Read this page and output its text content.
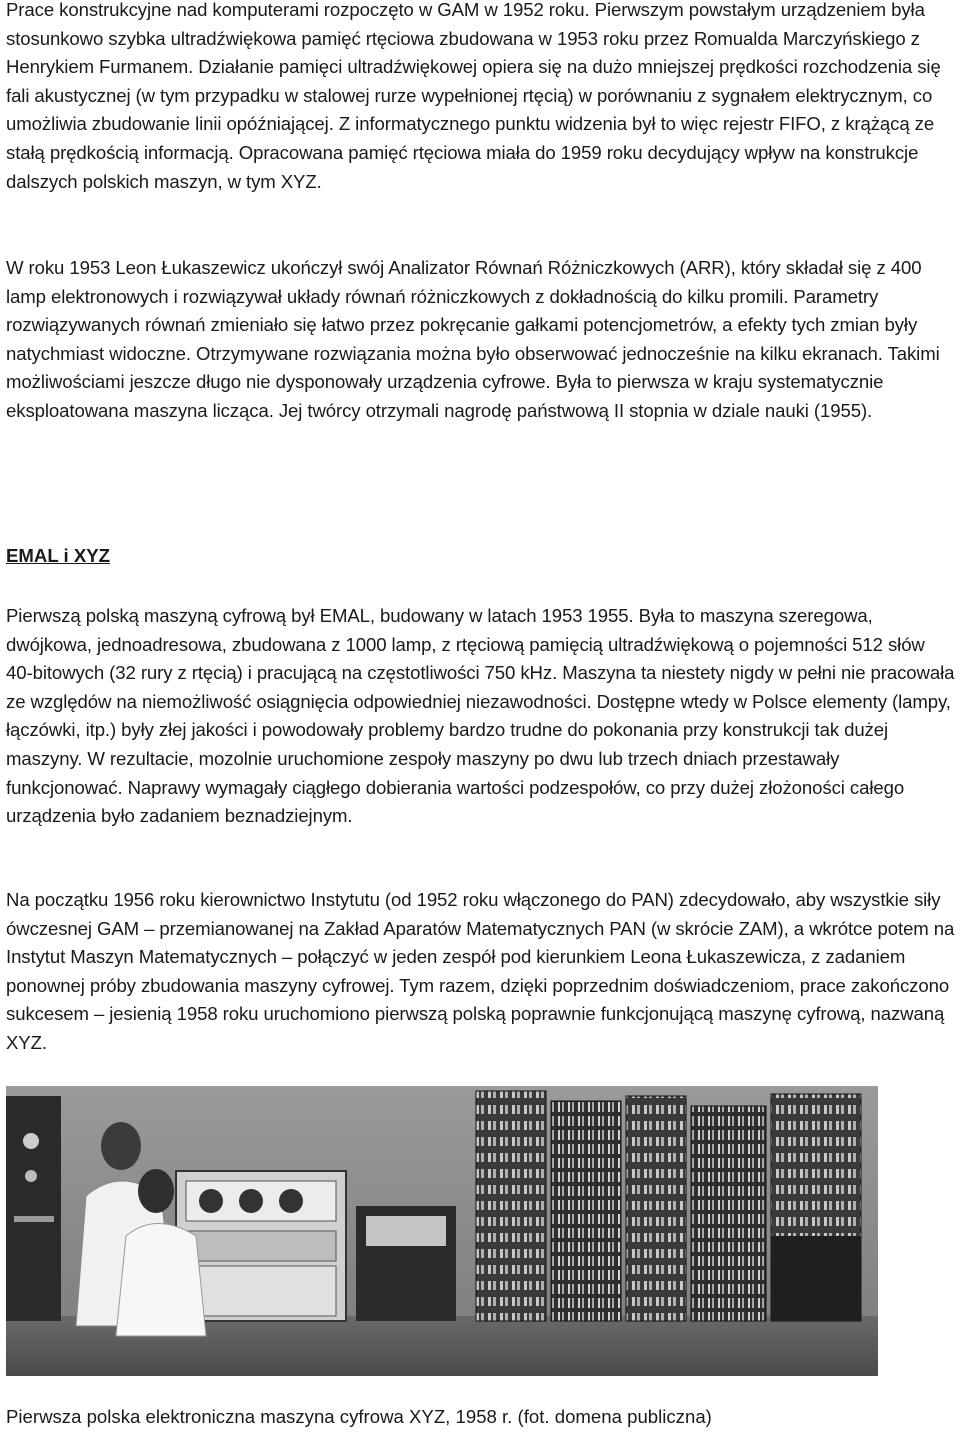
Prace konstrukcyjne nad komputerami rozpoczęto w GAM w 1952 roku. Pierwszym powstałym urządzeniem była stosunkowo szybka ultradźwiękowa pamięć rtęciowa zbudowana w 1953 roku przez Romualda Marczyńskiego z Henrykiem Furmanem. Działanie pamięci ultradźwiękowej opiera się na dużo mniejszej prędkości rozchodzenia się fali akustycznej (w tym przypadku w stalowej rurze wypełnionej rtęcią) w porównaniu z sygnałem elektrycznym, co umożliwia zbudowanie linii opóźniającej. Z informatycznego punktu widzenia był to więc rejestr FIFO, z krążącą ze stałą prędkością informacją. Opracowana pamięć rtęciowa miała do 1959 roku decydujący wpływ na konstrukcje dalszych polskich maszyn, w tym XYZ.

W roku 1953 Leon Łukaszewicz ukończył swój Analizator Równań Różniczkowych (ARR), który składał się z 400 lamp elektronowych i rozwiązywał układy równań różniczkowych z dokładnością do kilku promili. Parametry rozwiązywanych równań zmieniało się łatwo przez pokręcanie gałkami potencjometrów, a efekty tych zmian były natychmiast widoczne. Otrzymywane rozwiązania można było obserwować jednocześnie na kilku ekranach. Takimi możliwościami jeszcze długo nie dysponowały urządzenia cyfrowe. Była to pierwsza w kraju systematycznie eksploatowana maszyna licząca. Jej twórcy otrzymali nagrodę państwową II stopnia w dziale nauki (1955).

EMAL i XYZ

Pierwszą polską maszyną cyfrową był EMAL, budowany w latach 1953 1955. Była to maszyna szeregowa, dwójkowa, jednoadresowa, zbudowana z 1000 lamp, z rtęciową pamięcią ultradźwiękową o pojemności 512 słów 40-bitowych (32 rury z rtęcią) i pracującą na częstotliwości 750 kHz. Maszyna ta niestety nigdy w pełni nie pracowała ze względów na niemożliwość osiągnięcia odpowiedniej niezawodności. Dostępne wtedy w Polsce elementy (lampy, łączówki, itp.) były złej jakości i powodowały problemy bardzo trudne do pokonania przy konstrukcji tak dużej maszyny. W rezultacie, mozolnie uruchomione zespoły maszyny po dwu lub trzech dniach przestawały funkcjonować. Naprawy wymagały ciągłego dobierania wartości podzespołów, co przy dużej złożoności całego urządzenia było zadaniem beznadziejnym.

Na początku 1956 roku kierownictwo Instytutu (od 1952 roku włączonego do PAN) zdecydowało, aby wszystkie siły ówczesnej GAM – przemianowanej na Zakład Aparatów Matematycznych PAN (w skrócie ZAM), a wkrótce potem na Instytut Maszyn Matematycznych – połączyć w jeden zespół pod kierunkiem Leona Łukaszewicza, z zadaniem ponownej próby zbudowania maszyny cyfrowej. Tym razem, dzięki poprzednim doświadczeniom, prace zakończono sukcesem – jesienią 1958 roku uruchomiono pierwszą polską poprawnie funkcjonującą maszynę cyfrową, nazwaną XYZ.

Pierwsza polska elektroniczna maszyna cyfrowa XYZ, 1958 r. (fot. domena publiczna)
